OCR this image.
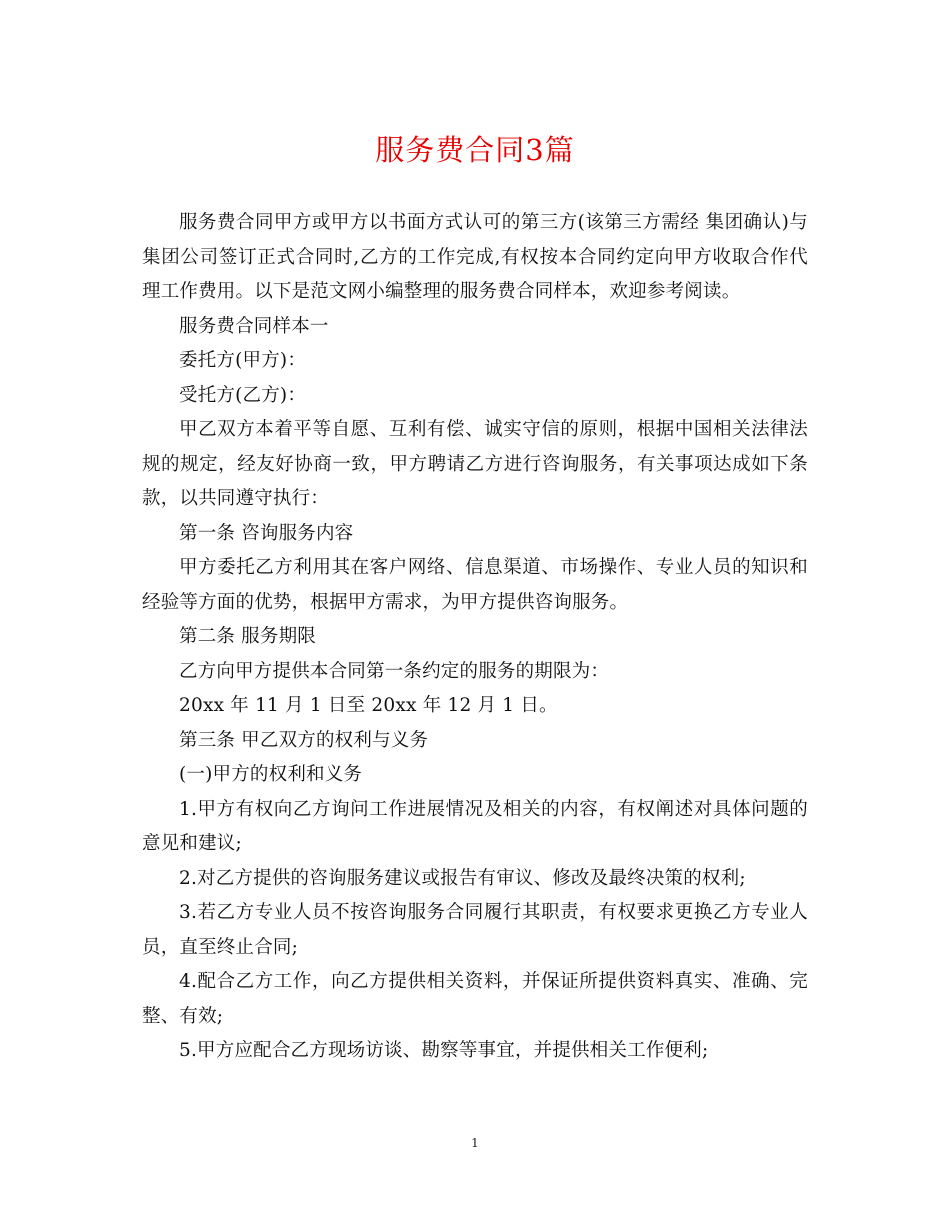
服务费合同3篇

服务费合同甲方或甲方以书面方式认可的第三方(该第三方需经 集团确认)与集团公司签订正式合同时,乙方的工作完成,有权按本合同约定向甲方收取合作代理工作费用。以下是范文网小编整理的服务费合同样本，欢迎参考阅读。

服务费合同样本一

委托方(甲方)：

受托方(乙方)：

甲乙双方本着平等自愿、互利有偿、诚实守信的原则，根据中国相关法律法规的规定，经友好协商一致，甲方聘请乙方进行咨询服务，有关事项达成如下条款，以共同遵守执行：

第一条 咨询服务内容

甲方委托乙方利用其在客户网络、信息渠道、市场操作、专业人员的知识和经验等方面的优势，根据甲方需求，为甲方提供咨询服务。

第二条 服务期限

乙方向甲方提供本合同第一条约定的服务的期限为：

20xx 年 11 月 1 日至 20xx 年 12 月 1 日。

第三条 甲乙双方的权利与义务

(一)甲方的权利和义务

1.甲方有权向乙方询问工作进展情况及相关的内容，有权阐述对具体问题的意见和建议;

2.对乙方提供的咨询服务建议或报告有审议、修改及最终决策的权利;

3.若乙方专业人员不按咨询服务合同履行其职责，有权要求更换乙方专业人员，直至终止合同;

4.配合乙方工作，向乙方提供相关资料，并保证所提供资料真实、准确、完整、有效;

5.甲方应配合乙方现场访谈、勘察等事宜，并提供相关工作便利;

1
